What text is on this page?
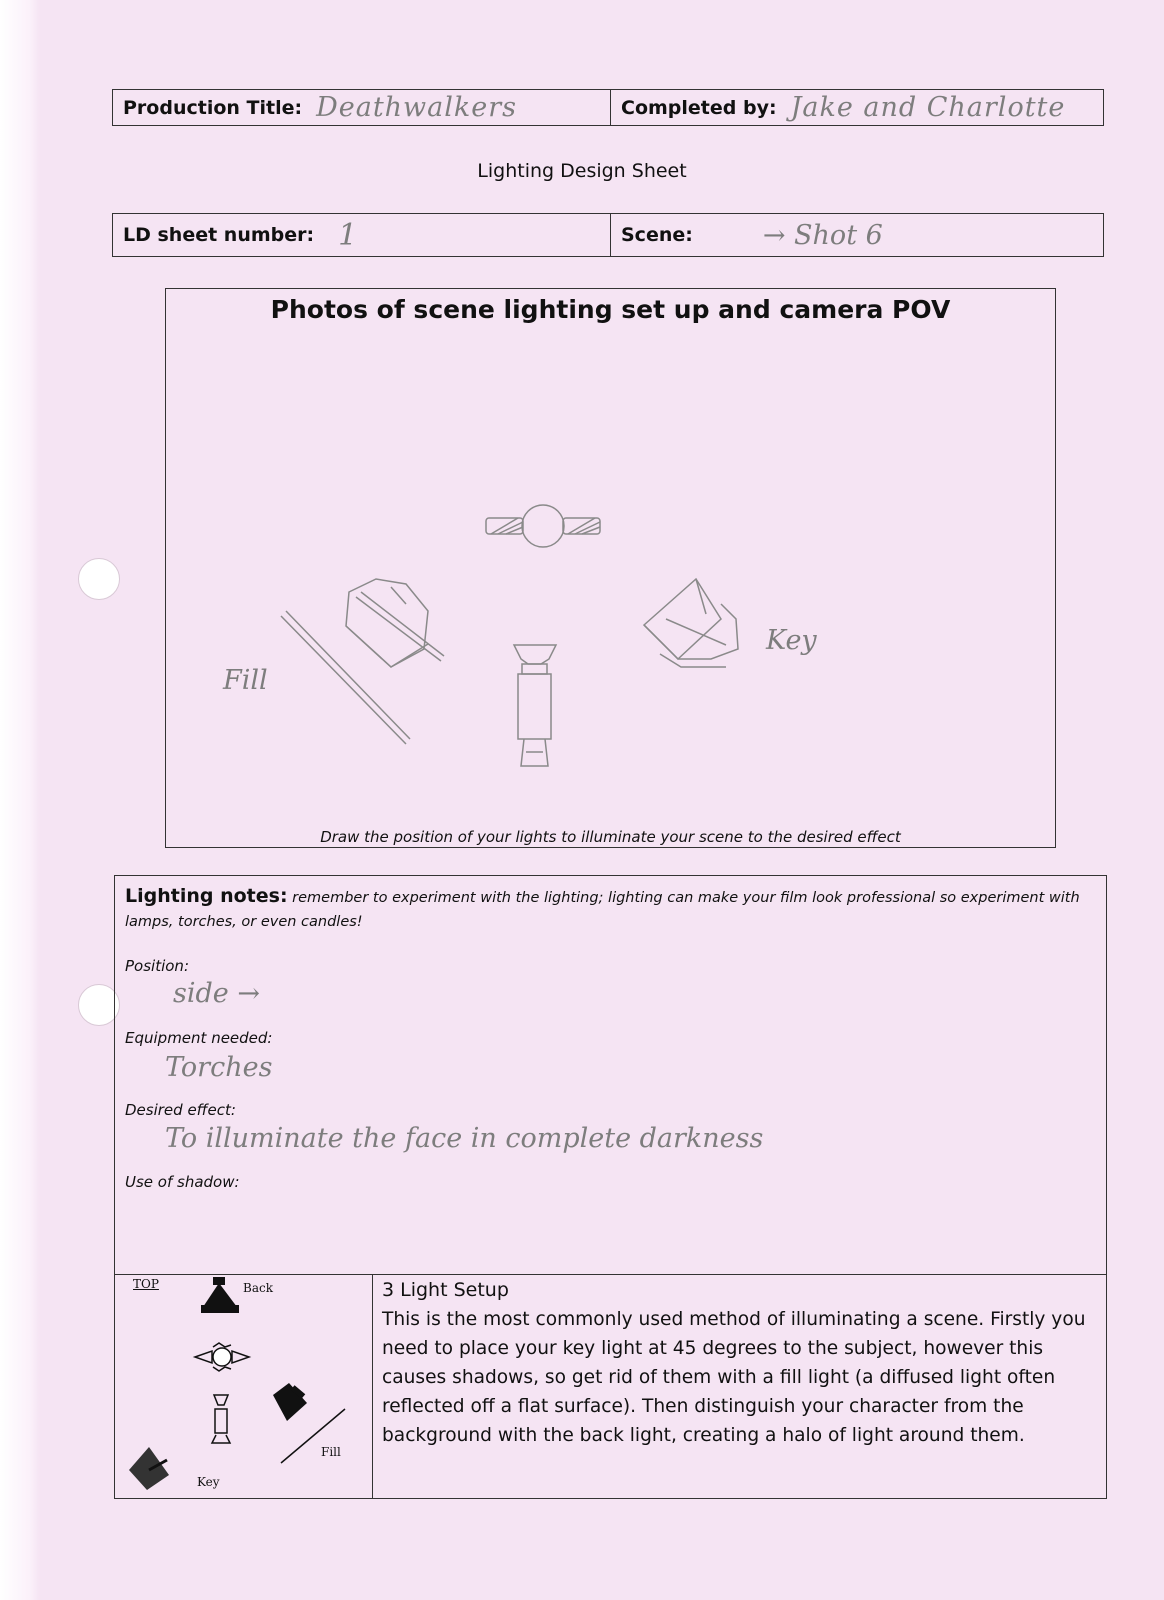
Production Title: Deathwalkers	Completed by: Jake and Charlotte
Lighting Design Sheet
LD sheet number: 1	Scene:	→ Shot 6
Photos of scene lighting set up and camera POV
Fill
Key
Draw the position of your lights to illuminate your scene to the desired effect
Lighting notes: remember to experiment with the lighting; lighting can make your film look professional so experiment with lamps, torches, or even candles!
Position:
side →
Equipment needed:
Torches
Desired effect:
To illuminate the face in complete darkness
Use of shadow:
TOP	Back
Fill
Key
3 Light Setup
This is the most commonly used method of illuminating a scene. Firstly you need to place your key light at 45 degrees to the subject, however this causes shadows, so get rid of them with a fill light (a diffused light often reflected off a flat surface). Then distinguish your character from the background with the back light, creating a halo of light around them.
